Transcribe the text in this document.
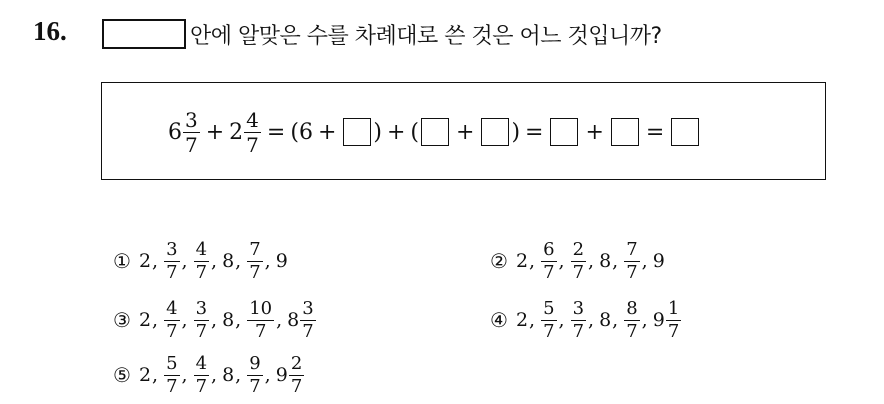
16.	안에 알맞은 수를 차례대로 쓴 것은 어느 것입니까?
$6 \frac{3}{7} + 2 \frac{4}{7}$ = ( 6 + ) + ( + ) = + =
① 2 , $\frac{3}{7}$ , $\frac{4}{7}$ , 8 , $\frac{7}{7}$ , 9	② 2 , $\frac{6}{7}$ , $\frac{2}{7}$ , 8 , $\frac{7}{7}$ , 9
③ 2 , $\frac{4}{7}$ , $\frac{3}{7}$ , 8 , $\frac{10}{7}$ , $8 \frac{3}{7}$	④ 2 , $\frac{5}{7}$ , $\frac{3}{7}$ , 8 , $\frac{8}{7}$ , $9 \frac{1}{7}$
⑤ 2 , $\frac{5}{7}$ , $\frac{4}{7}$ , 8 , $\frac{9}{7}$ , $9 \frac{2}{7}$
